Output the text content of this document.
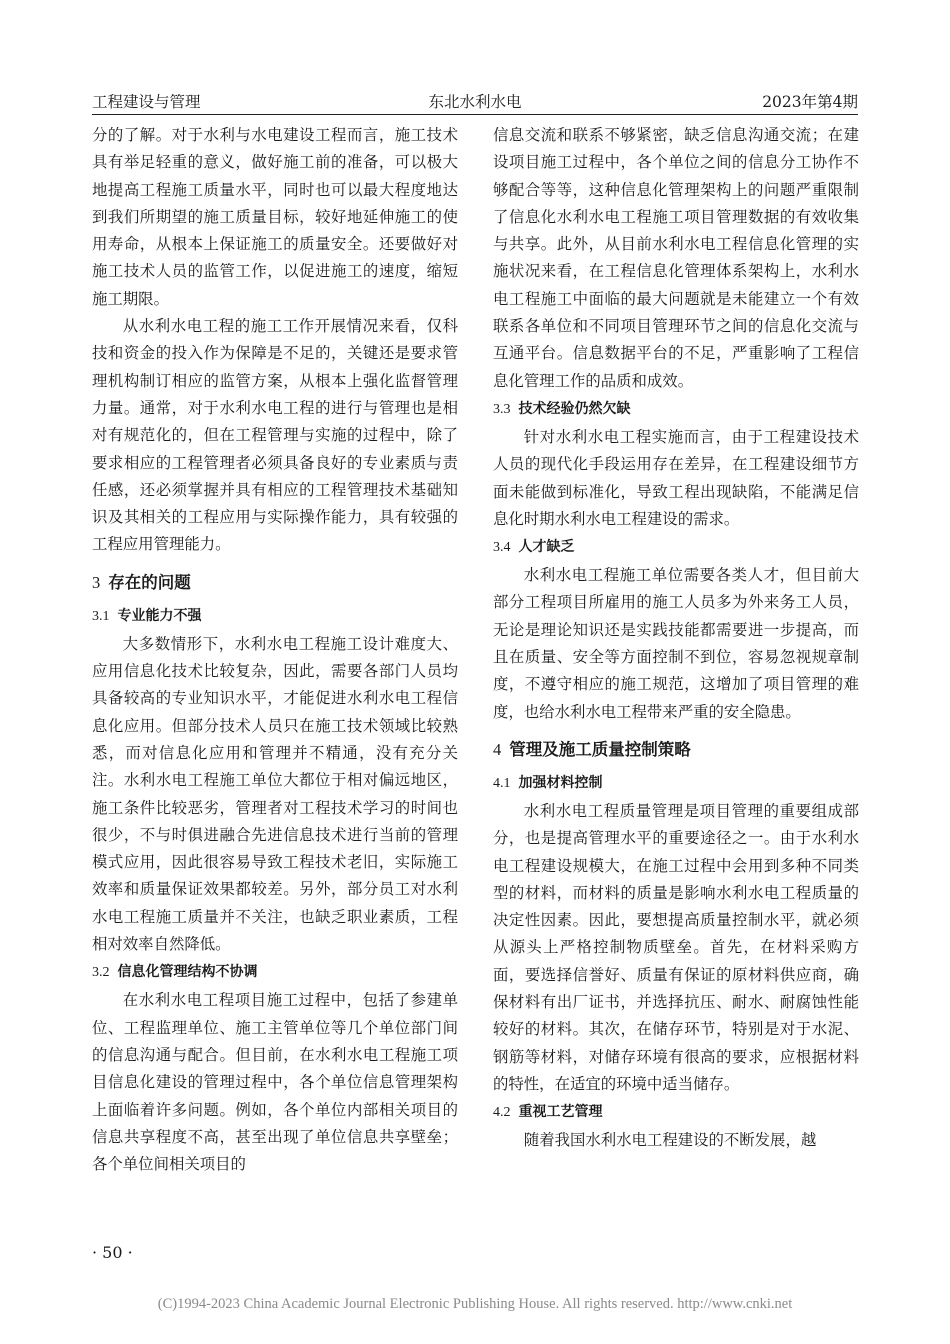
工程建设与管理	东北水利水电	2023年第4期

分的了解。对于水利与水电建设工程而言，施工技术具有举足轻重的意义，做好施工前的准备，可以极大地提高工程施工质量水平，同时也可以最大程度地达到我们所期望的施工质量目标，较好地延伸施工的使用寿命，从根本上保证施工的质量安全。还要做好对施工技术人员的监管工作，以促进施工的速度，缩短施工期限。

从水利水电工程的施工工作开展情况来看，仅科技和资金的投入作为保障是不足的，关键还是要求管理机构制订相应的监管方案，从根本上强化监督管理力量。通常，对于水利水电工程的进行与管理也是相对有规范化的，但在工程管理与实施的过程中，除了要求相应的工程管理者必须具备良好的专业素质与责任感，还必须掌握并具有相应的工程管理技术基础知识及其相关的工程应用与实际操作能力，具有较强的工程应用管理能力。

3 存在的问题
3.1 专业能力不强

大多数情形下，水利水电工程施工设计难度大、应用信息化技术比较复杂，因此，需要各部门人员均具备较高的专业知识水平，才能促进水利水电工程信息化应用。但部分技术人员只在施工技术领域比较熟悉，而对信息化应用和管理并不精通，没有充分关注。水利水电工程施工单位大都位于相对偏远地区，施工条件比较恶劣，管理者对工程技术学习的时间也很少，不与时俱进融合先进信息技术进行当前的管理模式应用，因此很容易导致工程技术老旧，实际施工效率和质量保证效果都较差。另外，部分员工对水利水电工程施工质量并不关注，也缺乏职业素质，工程相对效率自然降低。

3.2 信息化管理结构不协调

在水利水电工程项目施工过程中，包括了参建单位、工程监理单位、施工主管单位等几个单位部门间的信息沟通与配合。但目前，在水利水电工程施工项目信息化建设的管理过程中，各个单位信息管理架构上面临着许多问题。例如，各个单位内部相关项目的信息共享程度不高，甚至出现了单位信息共享壁垒；各个单位间相关项目的

信息交流和联系不够紧密，缺乏信息沟通交流；在建设项目施工过程中，各个单位之间的信息分工协作不够配合等等，这种信息化管理架构上的问题严重限制了信息化水利水电工程施工项目管理数据的有效收集与共享。此外，从目前水利水电工程信息化管理的实施状况来看，在工程信息化管理体系架构上，水利水电工程施工中面临的最大问题就是未能建立一个有效联系各单位和不同项目管理环节之间的信息化交流与互通平台。信息数据平台的不足，严重影响了工程信息化管理工作的品质和成效。

3.3 技术经验仍然欠缺

针对水利水电工程实施而言，由于工程建设技术人员的现代化手段运用存在差异，在工程建设细节方面未能做到标准化，导致工程出现缺陷，不能满足信息化时期水利水电工程建设的需求。

3.4 人才缺乏

水利水电工程施工单位需要各类人才，但目前大部分工程项目所雇用的施工人员多为外来务工人员，无论是理论知识还是实践技能都需要进一步提高，而且在质量、安全等方面控制不到位，容易忽视规章制度，不遵守相应的施工规范，这增加了项目管理的难度，也给水利水电工程带来严重的安全隐患。

4 管理及施工质量控制策略
4.1 加强材料控制

水利水电工程质量管理是项目管理的重要组成部分，也是提高管理水平的重要途径之一。由于水利水电工程建设规模大，在施工过程中会用到多种不同类型的材料，而材料的质量是影响水利水电工程质量的决定性因素。因此，要想提高质量控制水平，就必须从源头上严格控制物质壁垒。首先，在材料采购方面，要选择信誉好、质量有保证的原材料供应商，确保材料有出厂证书，并选择抗压、耐水、耐腐蚀性能较好的材料。其次，在储存环节，特别是对于水泥、钢筋等材料，对储存环境有很高的要求，应根据材料的特性，在适宜的环境中适当储存。

4.2 重视工艺管理

随着我国水利水电工程建设的不断发展，越

· 50 ·
(C)1994-2023 China Academic Journal Electronic Publishing House. All rights reserved. http://www.cnki.net
